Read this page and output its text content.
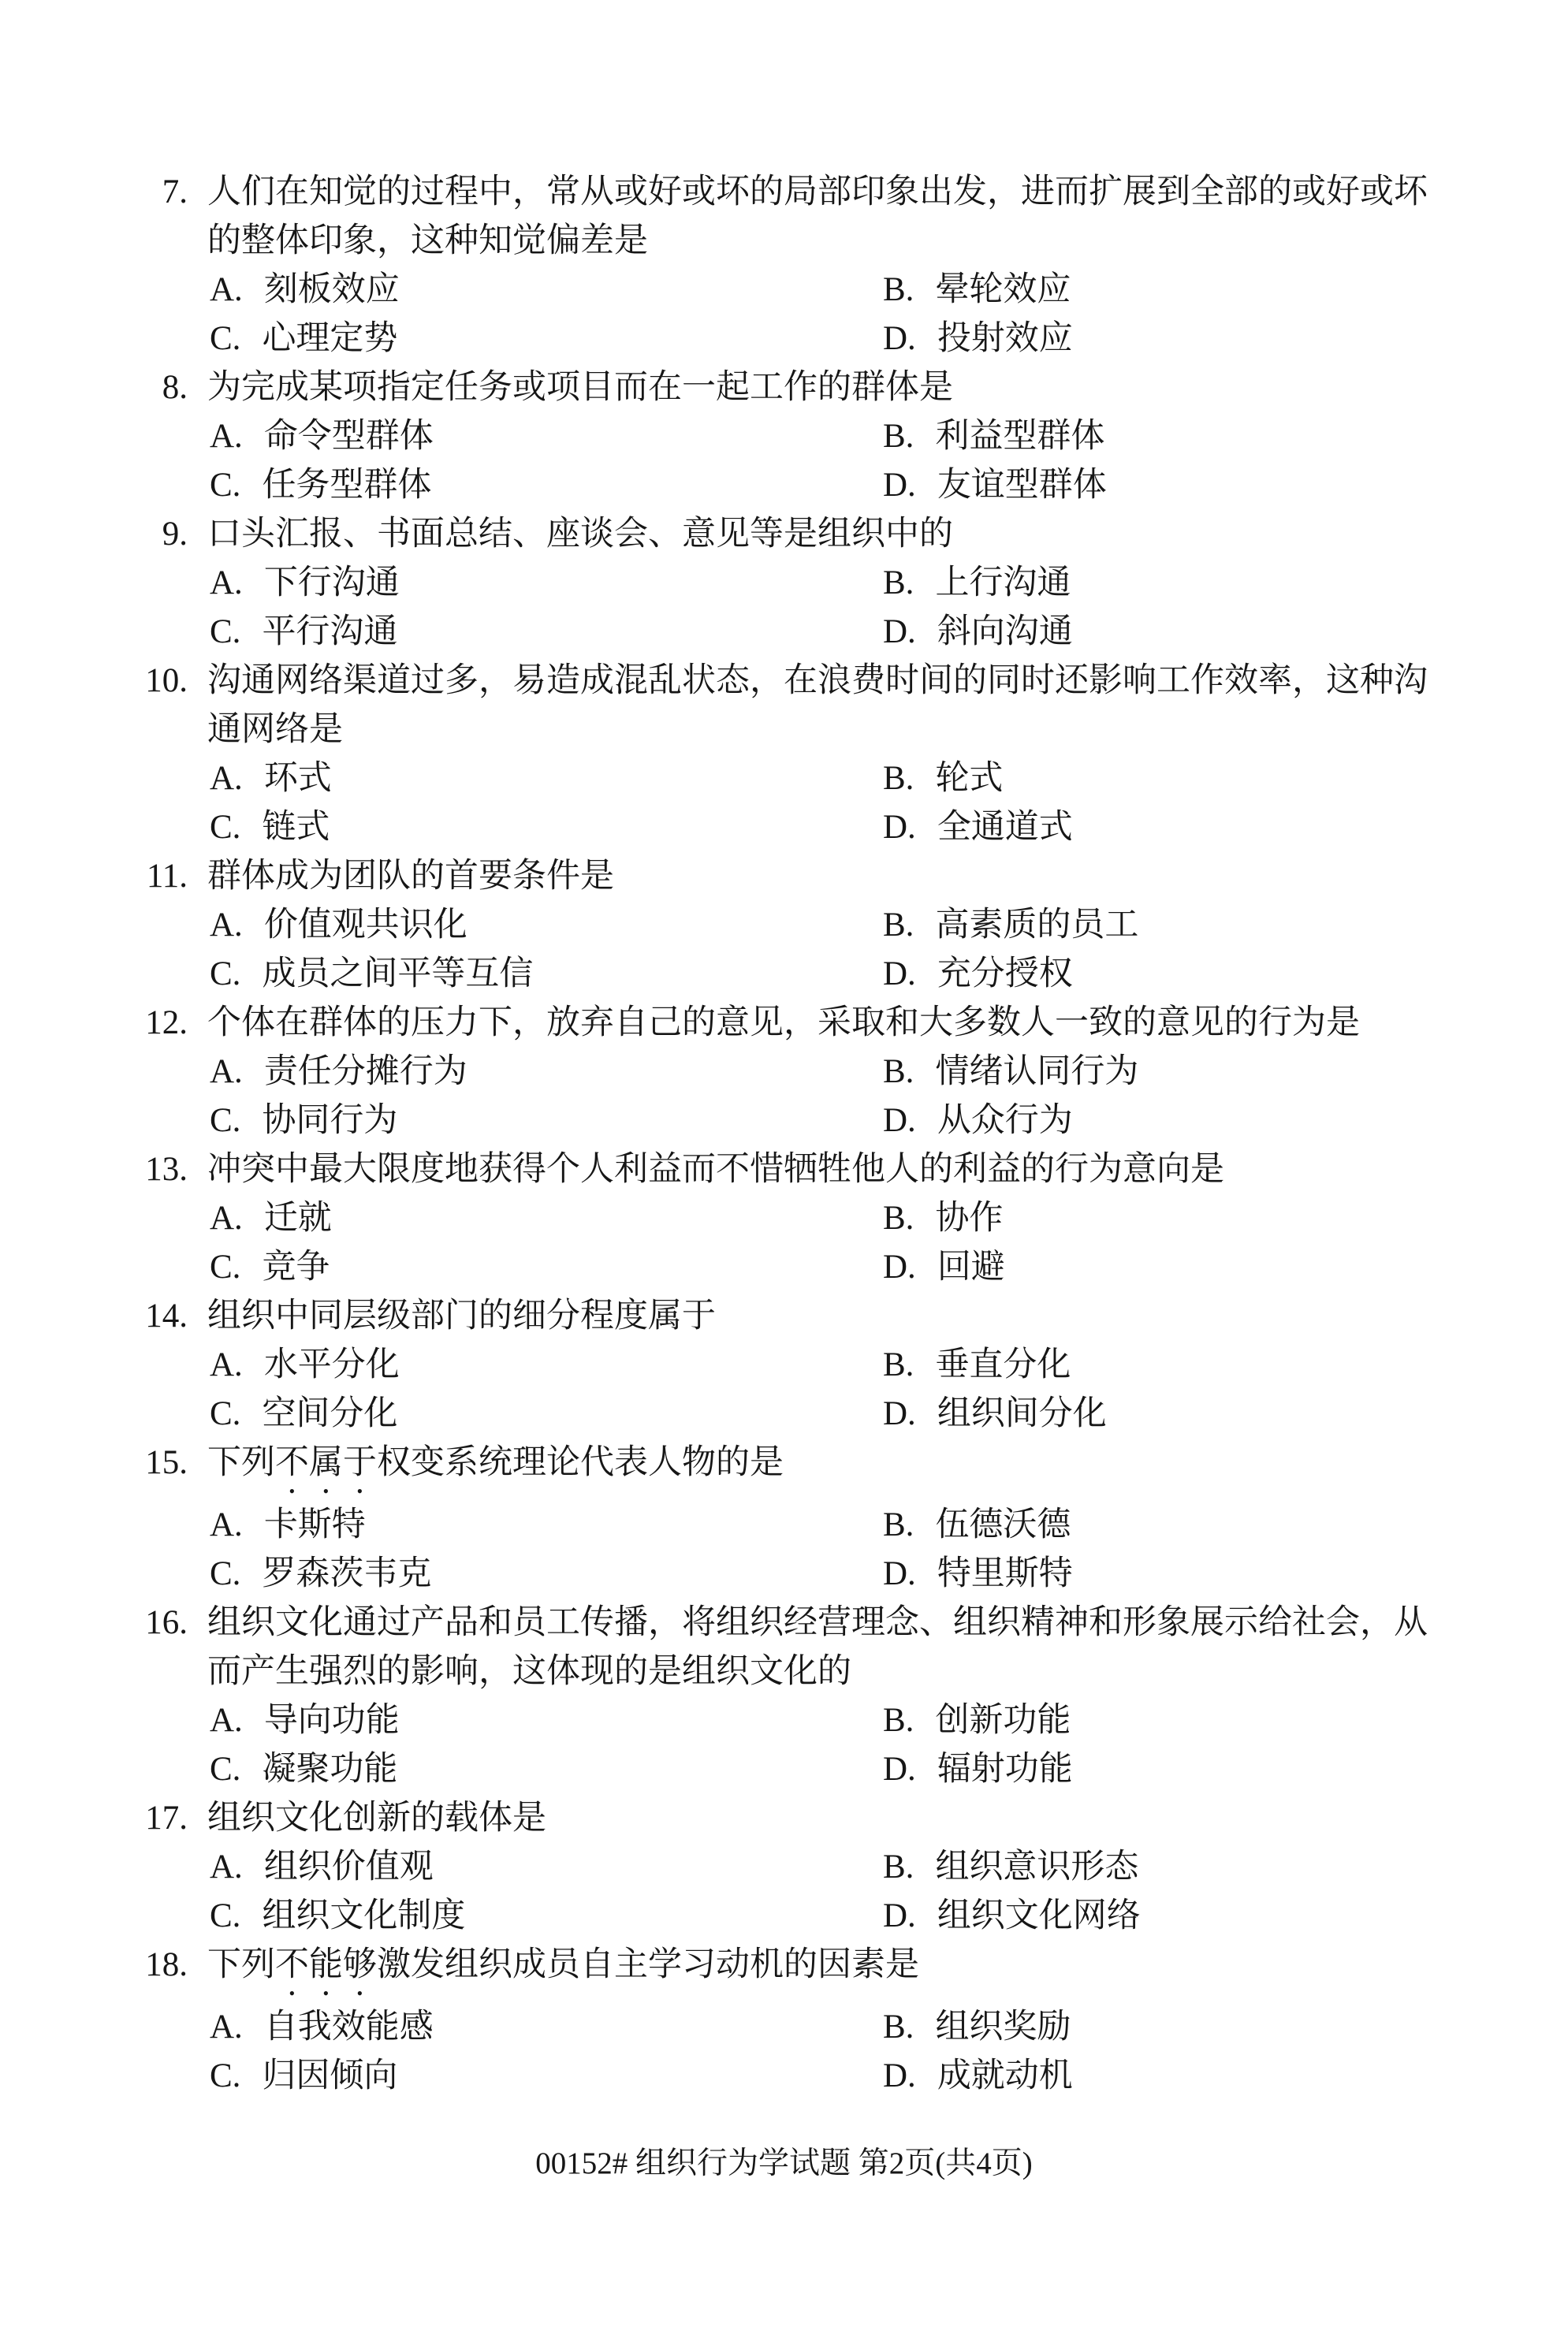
7. 人们在知觉的过程中，常从或好或坏的局部印象出发，进而扩展到全部的或好或坏
的整体印象，这种知觉偏差是
A. 刻板效应	B. 晕轮效应
C. 心理定势	D. 投射效应
8. 为完成某项指定任务或项目而在一起工作的群体是
A. 命令型群体	B. 利益型群体
C. 任务型群体	D. 友谊型群体
9. 口头汇报、书面总结、座谈会、意见等是组织中的
A. 下行沟通	B. 上行沟通
C. 平行沟通	D. 斜向沟通
10. 沟通网络渠道过多，易造成混乱状态，在浪费时间的同时还影响工作效率，这种沟
通网络是
A. 环式	B. 轮式
C. 链式	D. 全通道式
11. 群体成为团队的首要条件是
A. 价值观共识化	B. 高素质的员工
C. 成员之间平等互信	D. 充分授权
12. 个体在群体的压力下，放弃自己的意见，采取和大多数人一致的意见的行为是
A. 责任分摊行为	B. 情绪认同行为
C. 协同行为	D. 从众行为
13. 冲突中最大限度地获得个人利益而不惜牺牲他人的利益的行为意向是
A. 迁就	B. 协作
C. 竞争	D. 回避
14. 组织中同层级部门的细分程度属于
A. 水平分化	B. 垂直分化
C. 空间分化	D. 组织间分化
15. 下列不属于权变系统理论代表人物的是
A. 卡斯特	B. 伍德沃德
C. 罗森茨韦克	D. 特里斯特
16. 组织文化通过产品和员工传播，将组织经营理念、组织精神和形象展示给社会，从
而产生强烈的影响，这体现的是组织文化的
A. 导向功能	B. 创新功能
C. 凝聚功能	D. 辐射功能
17. 组织文化创新的载体是
A. 组织价值观	B. 组织意识形态
C. 组织文化制度	D. 组织文化网络
18. 下列不能够激发组织成员自主学习动机的因素是
A. 自我效能感	B. 组织奖励
C. 归因倾向	D. 成就动机
00152# 组织行为学试题 第2页(共4页)
